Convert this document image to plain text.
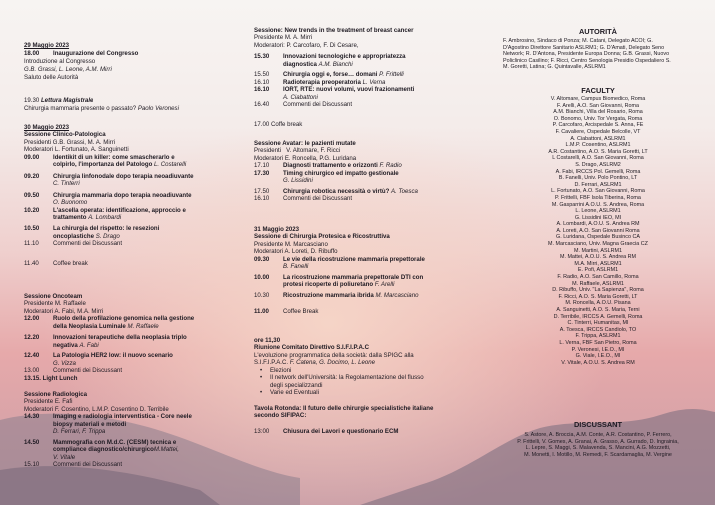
29 Maggio 2023
18.00	Inaugurazione del Congresso
Introduzione al Congresso
G.B. Grassi, L. Leone, A.M. Mirri
Saluto delle Autorità
19.30
Lettura Magistrale
Chirurgia mammaria presente o passato? Paolo Veronesi
30 Maggio 2023
Sessione Clinico-Patologica
Presidenti G.B. Grassi, M. A. Mirri
Moderatori L. Fortunato, A. Sanguinetti
09.00	Identikit di un killer: come smascherarlo e
colpirlo, l'importanza del Patologo L. Costarelli
09.20	Chirurgia linfonodale dopo terapia neoadiuvante
C. Tinterri
09.50	Chirurgia mammaria dopo terapia neoadiuvante
O. Buonomo
10.20	L'ascella operata: identificazione, approccio e
trattamento A. Lombardi
10.50	La chirurgia del rispetto: le resezioni
oncoplastiche S. Drago
11.10	Commenti dei Discussant
11.40	Coffee break
Sessione Oncoteam
Presidente M. Raffaele
Moderatori A. Fabi, M.A. Mirri
12.00	Ruolo della profilazione genomica nella gestione
della Neoplasia Luminale M. Raffaele
12.20	Innovazioni terapeutiche della neoplasia triplo
negativa A. Fabi
12.40	La Patologia HER2 low: il nuovo scenario
G. Vizza
13.00	Commenti dei Discussant
13.15. Light Lunch
Sessione Radiologica
Presidente E. Fafi
Moderatori F. Cosentino, L.M.P. Cosentino D. Terribile
14.30	Imaging e radiologia interventistica - Core neele
biopsy materiali e metodi
D. Ferrari, F. Trippa
14.50	Mammografia con M.d.C. (CESM) tecnica e
compliance diagnostico/chirurgicoM.Mattei,
V. Vitale
15.10	Commenti dei Discussant
Sessione: New trends in the treatment of breast cancer
Presidente M. A. Mirri
Moderatori: P. Carcofaro, F. Di Cesare,
15.30	Innovazioni tecnologiche e appropriatezza
diagnostica A.M. Bianchi
15.50	Chirurgia oggi e, forse… domani
P. Frittelli
16.10	Radioterapia preoperatoria
L. Verna
16.10	IORT, RTE: nuovi volumi, vuovi frazionamenti
A. Ciabattoni
16.40	Commenti dei Discussant
17.00 Coffe break
Sessione Avatar: le pazienti mutate
Presidenti   V. Altomare, F. Ricci
Moderatori E. Roncella, P.G. Luridana
17.10	Diagnosti trattamento e orizzonti
F. Radio
17.30	Timing chirurgico ed impatto gestionale
G. Lissidini
17.50	Chirurgia robotica necessità o virtù?
A. Toesca
16.10	Commenti dei Discussant
31 Maggio 2023
Sessione di Chirurgia Protesica e Ricostruttiva
Presidente M. Marcasciano
Moderatori A. Loreti, D. Ribuffo
09.30	Le vie della ricostruzione mammaria prepettorale
B. Fanelli
10.00	La ricostruzione mammaria prepettorale DTI con
protesi ricoperte di poliuretano F. Arelli
10.30	Ricostruzione mammaria ibrida
M. Marcasciano
11.00	Coffee Break
ore 11,30
Riunione Comitato Direttivo S.I.F.I.P.A.C
L'evoluzione programmatica della società: dalla SPIGC alla
S.I.F.I.P.A.C. F. Catena, G. Docimo, L. Leone
• Elezioni
• Il network dell'Università: la Regolamentazione del flusso
degli specializzandi
• Varie ed Eventuali
Tavola Rotonda: Il futuro delle chirurgie specialistiche italiane
secondo SIFIPAC:
13:00	Chiusura dei Lavori e questionario ECM
AUTORITÀ
F. Ambrosino, Sindaco di Ponza; M. Catani, Delegato ACOI; G.
D'Agostino Direttore Sanitario ASLRM1; G. D'Amati, Delegato Seno
Network; R. D'Antona, Presidente Europa Donna; G.B. Grassi, Nuovo
Policlinico Casilino; F. Ricci, Centro Senologia Presidio Ospedaliero S.
M. Goretti, Latina; G. Quintavalle, ASLRM1
FACULTY
V. Altomare, Campus Biomedico, Roma
F. Arelli, A.O. San Giovanni, Roma
A.M. Bianchi, Villa del Rosario, Roma
O. Bonomo, Univ. Tor Vergata, Roma
P. Carcofaro, Arcispedale S. Anna, FE
F. Cavaliere, Ospedale Belcolle, VT
A. Ciabattoni, ASLRM1
L.M.P. Cosentino, ASLRM1
A.R. Costantino, A.O. S. Maria Goretti, LT
L Costarelli, A.O. San Giovanni, Roma
S. Drago, ASLRM2
A. Fabi, IRCCS Pol. Gemelli, Roma
B. Fanelli, Univ. Polo Pontino, LT
D. Ferrari, ASLRM1
L. Fortunato, A.O. San Giovanni, Roma
P. Frittelli, FBF Isola Tiberina, Roma
M. Gasparrini A.O.U. S. Andrea, Roma
L. Leone, ASLRM1
G. Lissidini IEO, MI
A. Lombardi, A.O.U. S. Andrea RM
A. Loreti, A.O. San Giovanni Roma
G. Luridana, Ospedale Businco CA
M. Marcasciano, Univ. Magna Graecia CZ
M. Martini, ASLRM1
M. Mattei, A.O.U. S. Andrea RM
M.A. Mirri, ASLRM1
E. Pofi, ASLRM1
F. Radio, A.O. San Camillo, Roma
M. Raffaele, ASLRM1
D. Ribuffo, Univ. "La Sapienza", Roma
F. Ricci, A.O. S. Maria Goretti, LT
M. Roncella, A.O.U. Pisana
A. Sanguinetti, A.O. S. Maria, Terni
D. Terribile, IRCCS A. Gemelli, Roma
C. Tinterri, Humanitas, MI
A. Toesca, IRCCS Candiolo, TO
F. Trippa, ASLRM1
L. Verna, FBF San Pietro, Roma
P. Veronesi, I.E.O., MI
G. Viale, I.E.O., MI
V. Vitale, A.O.U. S. Andrea RM
DISCUSSANT
S. Astore, A. Broccia, A.M. Conte, A.R. Costantino, P. Ferrero,
P. Frittelli, V. Gomes, A. Granai, A. Grasso, A. Gurrado, D. Ingrainia,
L. Lepre, S. Maggi, S. Malavenda, S. Mancini, A.G. Mozzetti,
M. Monetti, I. Motillo, M. Remedi, F. Scardamaglia, M. Vergine
